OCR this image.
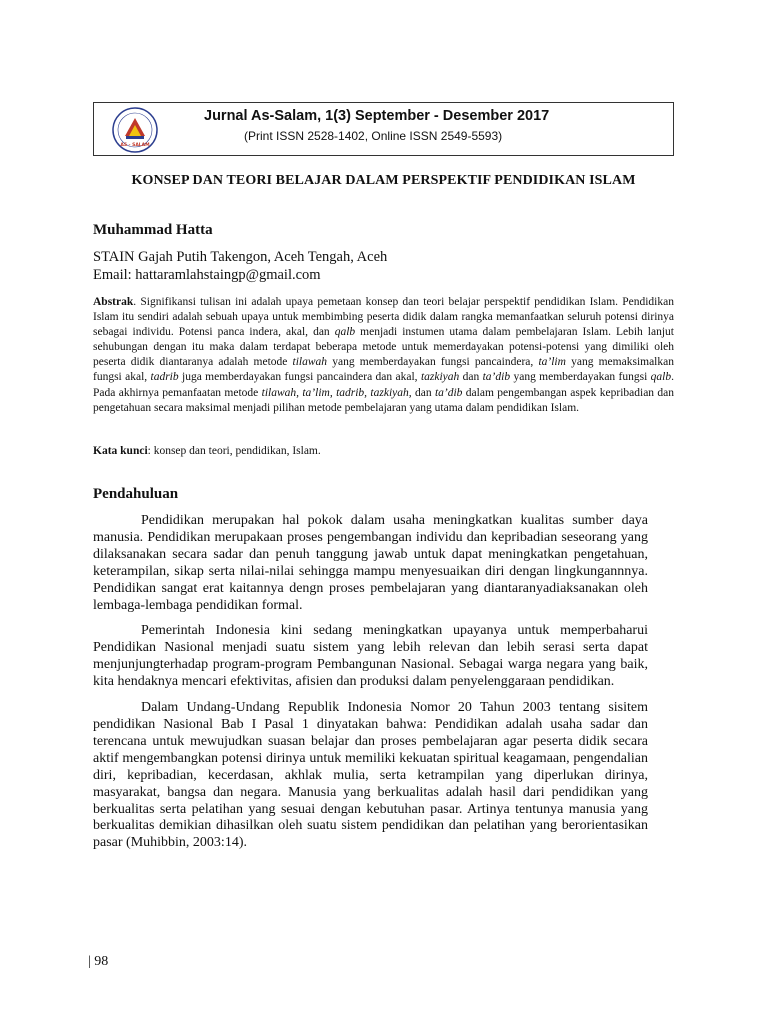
AS - SALAM
Jurnal As-Salam, 1(3) September - Desember 2017
(Print ISSN 2528-1402, Online ISSN 2549-5593)
KONSEP DAN TEORI BELAJAR DALAM PERSPEKTIF PENDIDIKAN ISLAM
Muhammad Hatta
STAIN Gajah Putih Takengon, Aceh Tengah, Aceh
Email: hattaramlahstaingp@gmail.com
Abstrak. Signifikansi tulisan ini adalah upaya pemetaan konsep dan teori belajar perspektif pendidikan Islam. Pendidikan Islam itu sendiri adalah sebuah upaya untuk membimbing peserta didik dalam rangka memanfaatkan seluruh potensi dirinya sebagai individu. Potensi panca indera, akal, dan qalb menjadi instumen utama dalam pembelajaran Islam. Lebih lanjut sehubungan dengan itu maka dalam terdapat beberapa metode untuk memerdayakan potensi-potensi yang dimiliki oleh peserta didik diantaranya adalah metode tilawah yang memberdayakan fungsi pancaindera, ta’lim yang memaksimalkan fungsi akal, tadrib juga memberdayakan fungsi pancaindera dan akal, tazkiyah dan ta’dib yang memberdayakan fungsi qalb. Pada akhirnya pemanfaatan metode tilawah, ta’lim, tadrib, tazkiyah, dan ta’dib dalam pengembangan aspek kepribadian dan pengetahuan secara maksimal menjadi pilihan metode pembelajaran yang utama dalam pendidikan Islam.
Kata kunci: konsep dan teori, pendidikan, Islam.
Pendahuluan

Pendidikan merupakan hal pokok dalam usaha meningkatkan kualitas sumber daya manusia. Pendidikan merupakaan proses pengembangan individu dan kepribadian seseorang yang dilaksanakan secara sadar dan penuh tanggung jawab untuk dapat meningkatkan pengetahuan, keterampilan, sikap serta nilai-nilai sehingga mampu menyesuaikan diri dengan lingkungannnya. Pendidikan sangat erat kaitannya dengn proses pembelajaran yang diantaranyadiaksanakan oleh lembaga-lembaga pendidikan formal.

Pemerintah Indonesia kini sedang meningkatkan upayanya untuk memperbaharui Pendidikan Nasional menjadi suatu sistem yang lebih relevan dan lebih serasi serta dapat menjunjungterhadap program-program Pembangunan Nasional. Sebagai warga negara yang baik, kita hendaknya mencari efektivitas, afisien dan produksi dalam penyelenggaraan pendidikan.

Dalam Undang-Undang Republik Indonesia Nomor 20 Tahun 2003 tentang sisitem pendidikan Nasional Bab I Pasal 1 dinyatakan bahwa: Pendidikan adalah usaha sadar dan terencana untuk mewujudkan suasan belajar dan proses pembelajaran agar peserta didik secara aktif mengembangkan potensi dirinya untuk memiliki kekuatan spiritual keagamaan, pengendalian diri, kepribadian, kecerdasan, akhlak mulia, serta ketrampilan yang diperlukan dirinya, masyarakat, bangsa dan negara. Manusia yang berkualitas adalah hasil dari pendidikan yang berkualitas serta pelatihan yang sesuai dengan kebutuhan pasar. Artinya tentunya manusia yang berkualitas demikian dihasilkan oleh suatu sistem pendidikan dan pelatihan yang berorientasikan pasar (Muhibbin, 2003:14).

| 98
